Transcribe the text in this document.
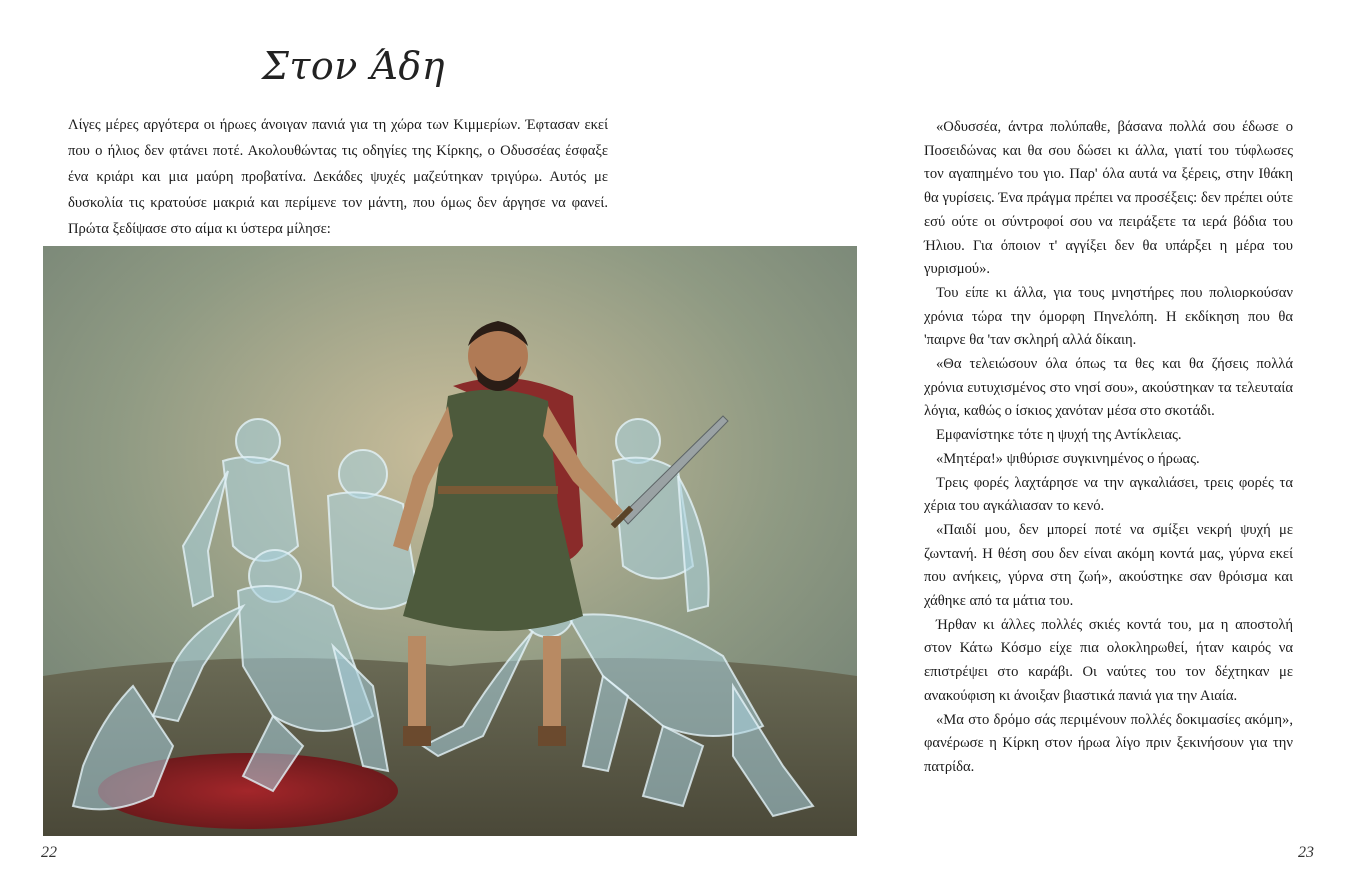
Στον Άδη

Λίγες μέρες αργότερα οι ήρωες άνοιγαν πανιά για τη χώρα των Κιμμερίων. Έφτασαν εκεί που ο ήλιος δεν φτάνει ποτέ. Ακολουθώντας τις οδηγίες της Κίρκης, ο Οδυσσέας έσφαξε ένα κριάρι και μια μαύρη προβατίνα. Δεκάδες ψυχές μαζεύτηκαν τριγύρω. Αυτός με δυσκολία τις κρατούσε μακριά και περίμενε τον μάντη, που όμως δεν άργησε να φανεί. Πρώτα ξεδίψασε στο αίμα κι ύστερα μίλησε:

22

«Οδυσσέα, άντρα πολύπαθε, βάσανα πολλά σου έδωσε ο Ποσειδώνας και θα σου δώσει κι άλλα, γιατί του τύφλωσες τον αγαπημένο του γιο. Παρ' όλα αυτά να ξέρεις, στην Ιθάκη θα γυρίσεις. Ένα πράγμα πρέπει να προσέξεις: δεν πρέπει ούτε εσύ ούτε οι σύντροφοί σου να πειράξετε τα ιερά βόδια του Ήλιου. Για όποιον τ' αγγίξει δεν θα υπάρξει η μέρα του γυρισμού».

Του είπε κι άλλα, για τους μνηστήρες που πολιορκούσαν χρόνια τώρα την όμορφη Πηνελόπη. Η εκδίκηση που θα 'παιρνε θα 'ταν σκληρή αλλά δίκαιη.

«Θα τελειώσουν όλα όπως τα θες και θα ζήσεις πολλά χρόνια ευτυχισμένος στο νησί σου», ακούστηκαν τα τελευταία λόγια, καθώς ο ίσκιος χανόταν μέσα στο σκοτάδι.

Εμφανίστηκε τότε η ψυχή της Αντίκλειας.

«Μητέρα!» ψιθύρισε συγκινημένος ο ήρωας.

Τρεις φορές λαχτάρησε να την αγκαλιάσει, τρεις φορές τα χέρια του αγκάλιασαν το κενό.

«Παιδί μου, δεν μπορεί ποτέ να σμίξει νεκρή ψυχή με ζωντανή. Η θέση σου δεν είναι ακόμη κοντά μας, γύρνα εκεί που ανήκεις, γύρνα στη ζωή», ακούστηκε σαν θρόισμα και χάθηκε από τα μάτια του.

Ήρθαν κι άλλες πολλές σκιές κοντά του, μα η αποστολή στον Κάτω Κόσμο είχε πια ολοκληρωθεί, ήταν καιρός να επιστρέψει στο καράβι. Οι ναύτες του τον δέχτηκαν με ανακούφιση κι άνοιξαν βιαστικά πανιά για την Αιαία.

«Μα στο δρόμο σάς περιμένουν πολλές δοκιμασίες ακόμη», φανέρωσε η Κίρκη στον ήρωα λίγο πριν ξεκινήσουν για την πατρίδα.

23
